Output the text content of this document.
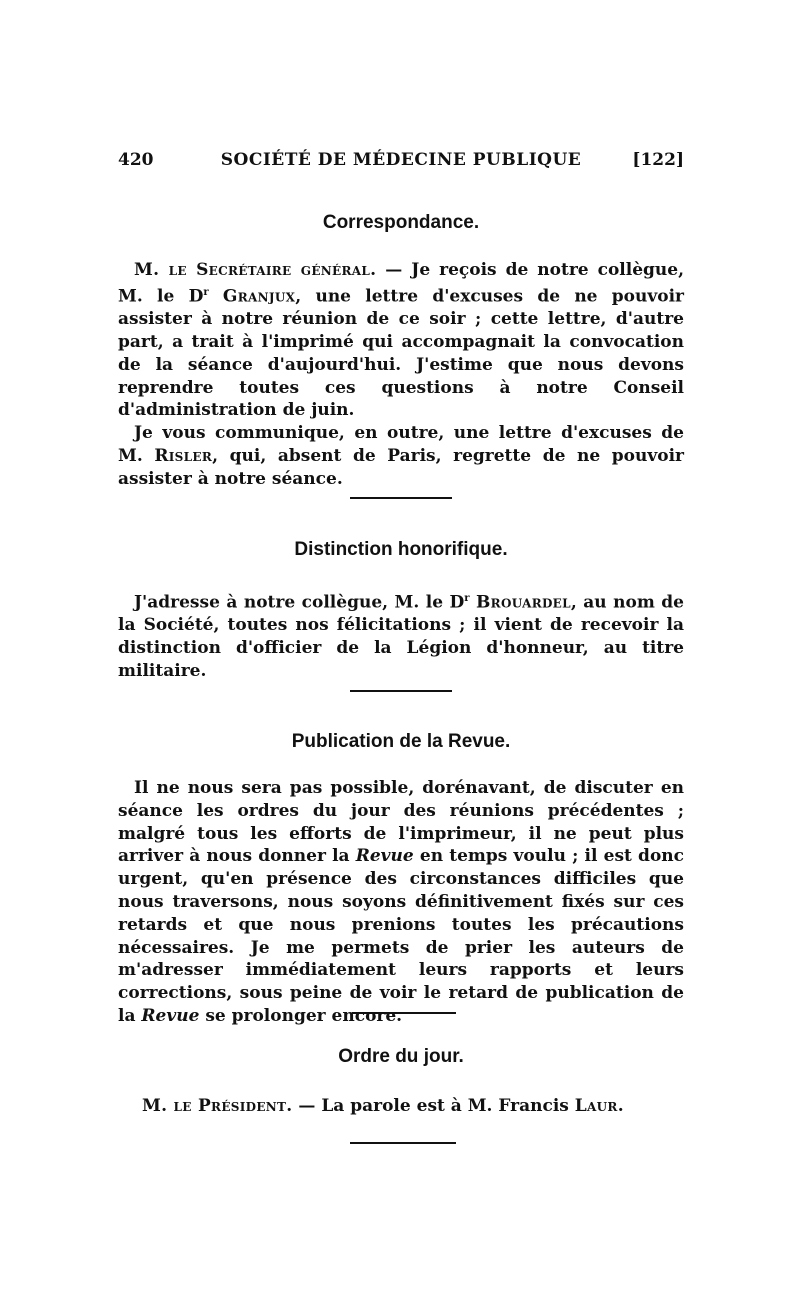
420	SOCIÉTÉ DE MÉDECINE PUBLIQUE	[122]
Correspondance.

M. le Secrétaire général. — Je reçois de notre collègue, M. le $D^r$ Granjux, une lettre d'excuses de ne pouvoir assister à notre réunion de ce soir ; cette lettre, d'autre part, a trait à l'imprimé qui accompagnait la convocation de la séance d'aujourd'hui. J'estime que nous devons reprendre toutes ces questions à notre Conseil d'administration de juin.

Je vous communique, en outre, une lettre d'excuses de M. Risler, qui, absent de Paris, regrette de ne pouvoir assister à notre séance.

Distinction honorifique.

J'adresse à notre collègue, M. le $D^r$ Brouardel, au nom de la Société, toutes nos félicitations ; il vient de recevoir la distinction d'officier de la Légion d'honneur, au titre militaire.

Publication de la Revue.

Il ne nous sera pas possible, dorénavant, de discuter en séance les ordres du jour des réunions précédentes ; malgré tous les efforts de l'imprimeur, il ne peut plus arriver à nous donner la Revue en temps voulu ; il est donc urgent, qu'en présence des circonstances difficiles que nous traversons, nous soyons définitivement fixés sur ces retards et que nous prenions toutes les précautions nécessaires. Je me permets de prier les auteurs de m'adresser immédiatement leurs rapports et leurs corrections, sous peine de voir le retard de publication de la Revue se prolonger encore.

Ordre du jour.

M. le Président. — La parole est à M. Francis Laur.
